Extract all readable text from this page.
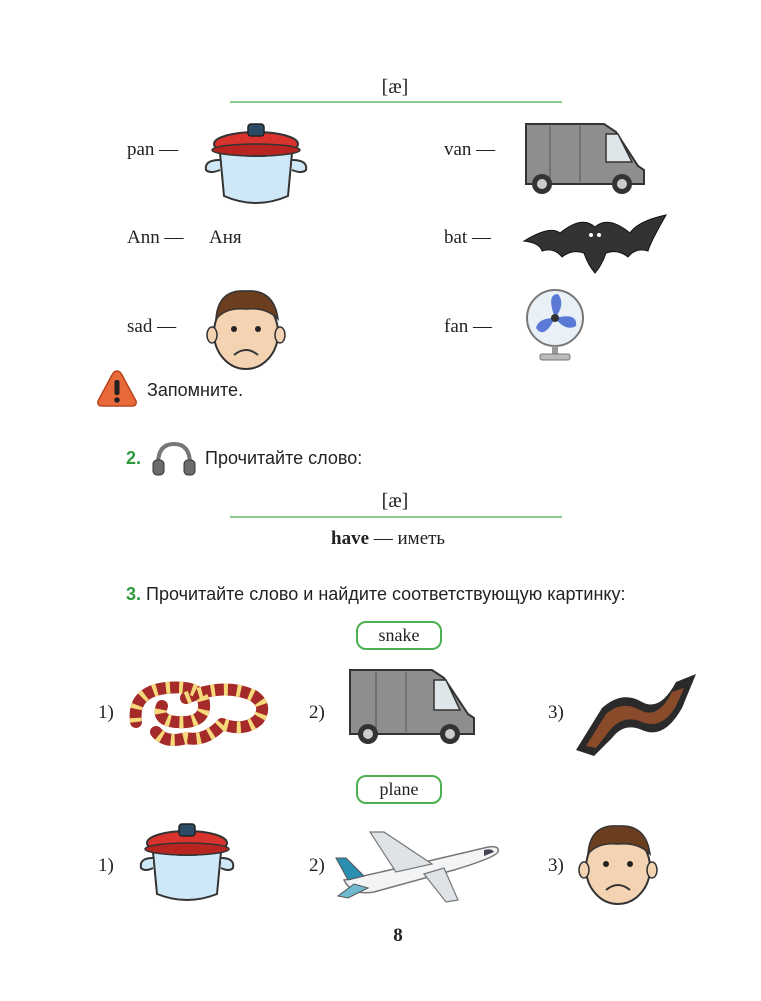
[æ]
pan —	van —
Ann — Аня	bat —
sad —	fan —
Запомните.
2.	Прочитайте слово:
[æ]
have — иметь
3. Прочитайте слово и найдите соответствующую картинку:
snake
1)	2)	3)
plane
1)	2)	3)
8
